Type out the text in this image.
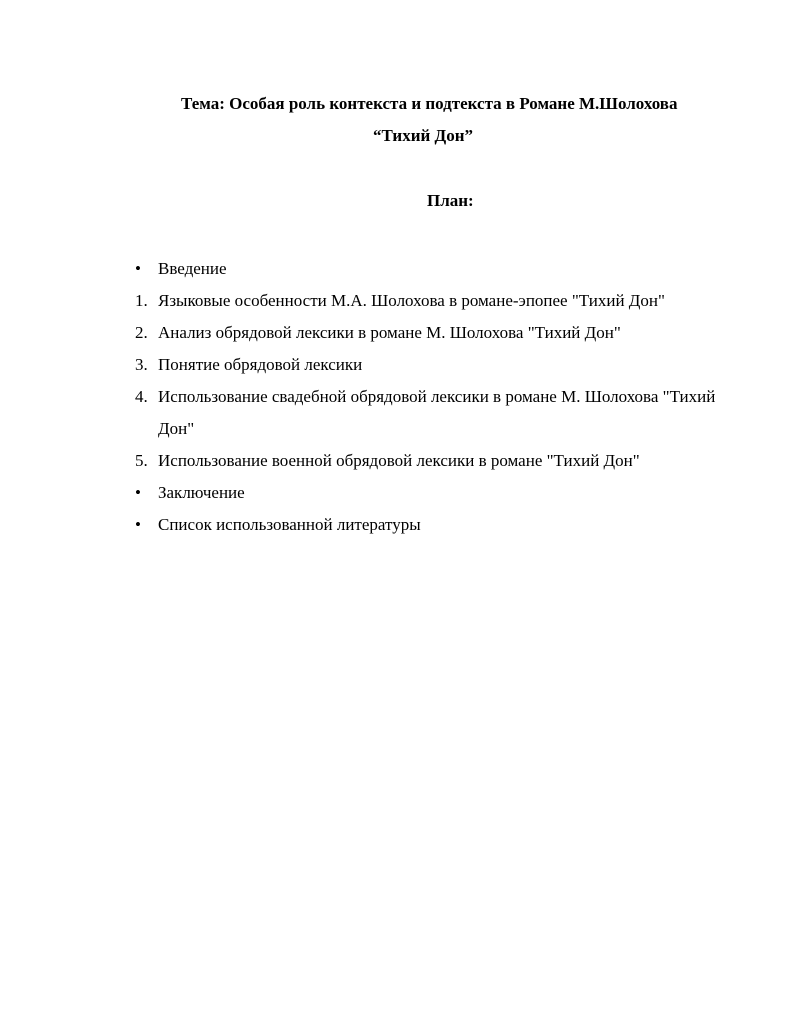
Тема: Особая роль контекста и подтекста в Романе М.Шолохова
“Тихий Дон”
План:
• Введение
1. Языковые особенности М.А. Шолохова в романе-эпопее "Тихий Дон"
2. Анализ обрядовой лексики в романе М. Шолохова "Тихий Дон"
3. Понятие обрядовой лексики
4. Использование свадебной обрядовой лексики в романе М. Шолохова "Тихий Дон"
5. Использование военной обрядовой лексики в романе "Тихий Дон"
• Заключение
• Список использованной литературы
